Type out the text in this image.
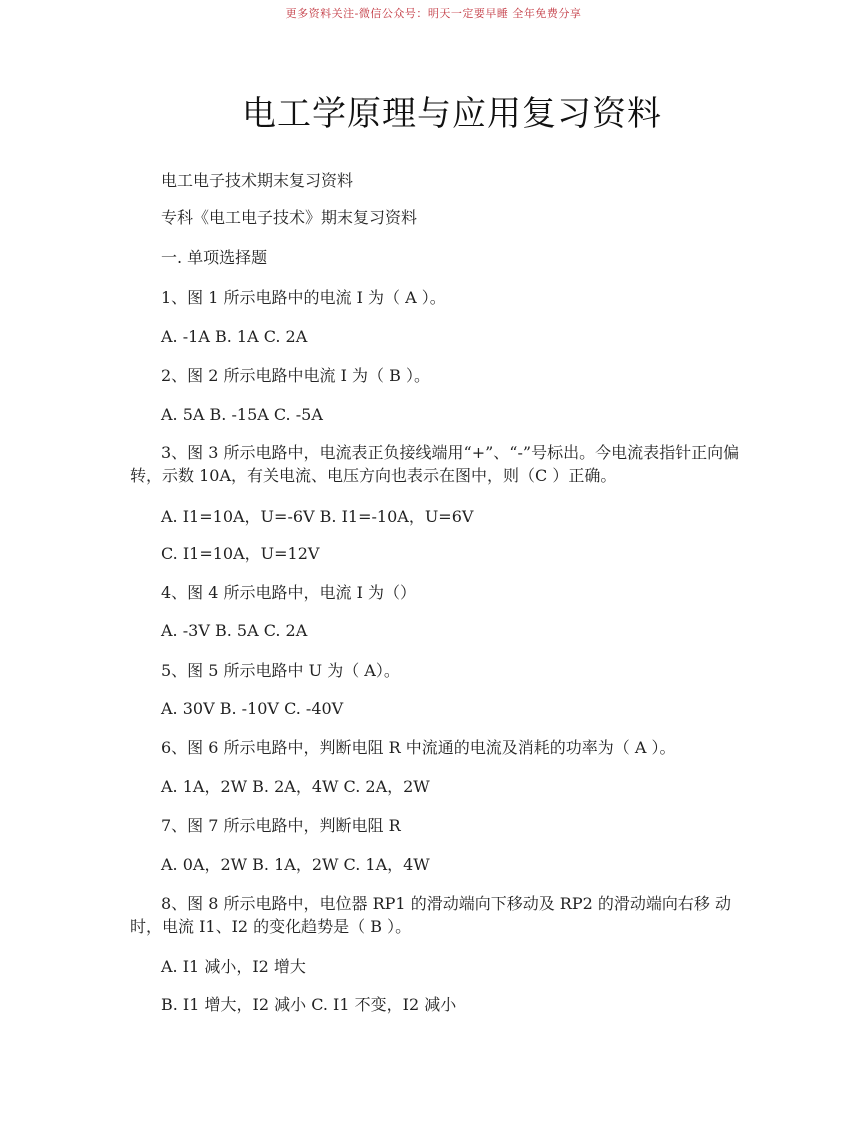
更多资料关注-微信公众号：明天一定要早睡 全年免费分享
电工学原理与应用复习资料
电工电子技术期末复习资料
专科《电工电子技术》期末复习资料
一. 单项选择题
1、图 1 所示电路中的电流 I 为（ A ）。
A. -1A B. 1A C. 2A
2、图 2 所示电路中电流 I 为（ B ）。
A. 5A B. -15A C. -5A
3、图 3 所示电路中，电流表正负接线端用“+”、“-”号标出。今电流表指针正向偏转，示数 10A，有关电流、电压方向也表示在图中，则（C ）正确。
A. I1=10A，U=-6V B. I1=-10A，U=6V
C. I1=10A，U=12V
4、图 4 所示电路中，电流 I 为（）
A. -3V B. 5A C. 2A
5、图 5 所示电路中 U 为（ A）。
A. 30V B. -10V C. -40V
6、图 6 所示电路中，判断电阻 R 中流通的电流及消耗的功率为（ A ）。
A. 1A，2W B. 2A，4W C. 2A，2W
7、图 7 所示电路中，判断电阻 R
A. 0A，2W B. 1A，2W C. 1A，4W
8、图 8 所示电路中，电位器 RP1 的滑动端向下移动及 RP2 的滑动端向右移 动时，电流 I1、I2 的变化趋势是（ B ）。
A. I1 减小，I2 增大
B. I1 增大，I2 减小 C. I1 不变，I2 减小
